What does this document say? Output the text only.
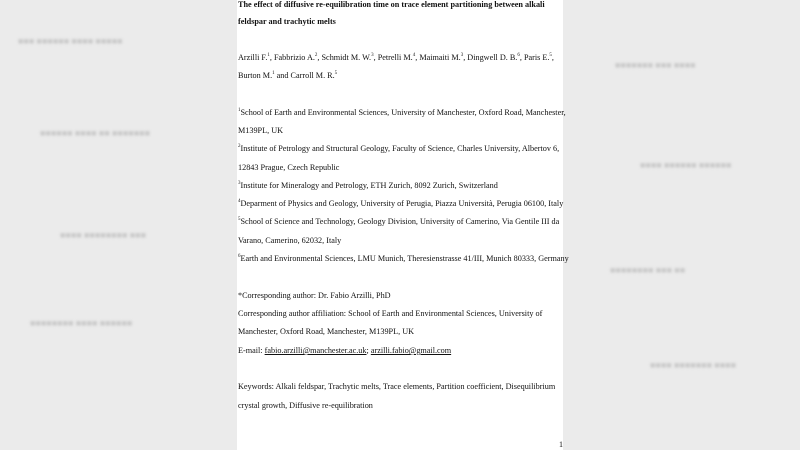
■■■ ■■■■■■ ■■■■ ■■■■■
■■■■■■ ■■■■ ■■ ■■■■■■■
■■■■ ■■■■■■■■ ■■■
■■■■■■■■ ■■■■ ■■■■■■
■■■■■■■ ■■■ ■■■■
■■■■ ■■■■■■ ■■■■■■
■■■■■■■■ ■■■ ■■
■■■■ ■■■■■■■ ■■■■

The effect of diffusive re-equilibration time on trace element partitioning between alkali

feldspar and trachytic melts

Arzilli F.$^1$, Fabbrizio A.$^2$, Schmidt M. W.$^3$, Petrelli M.$^4$, Maimaiti M.$^3$, Dingwell D. B.$^6$, Paris E.$^5$,

Burton M.$^1$ and Carroll M. R.$^5$

$^1$School of Earth and Environmental Sciences, University of Manchester, Oxford Road, Manchester,

M139PL, UK

$^2$Institute of Petrology and Structural Geology, Faculty of Science, Charles University, Albertov 6,

12843 Prague, Czech Republic

$^3$Institute for Mineralogy and Petrology, ETH Zurich, 8092 Zurich, Switzerland

$^4$Deparment of Physics and Geology, University of Perugia, Piazza Università, Perugia 06100, Italy

$^5$School of Science and Technology, Geology Division, University of Camerino, Via Gentile III da

Varano, Camerino, 62032, Italy

$^6$Earth and Environmental Sciences, LMU Munich, Theresienstrasse 41/III, Munich 80333, Germany

*Corresponding author: Dr. Fabio Arzilli, PhD

Corresponding author affiliation: School of Earth and Environmental Sciences, University of

Manchester, Oxford Road, Manchester, M139PL, UK

E-mail: fabio.arzilli@manchester.ac.uk; arzilli.fabio@gmail.com

Keywords: Alkali feldspar, Trachytic melts, Trace elements, Partition coefficient, Disequilibrium

crystal growth, Diffusive re-equilibration

1
